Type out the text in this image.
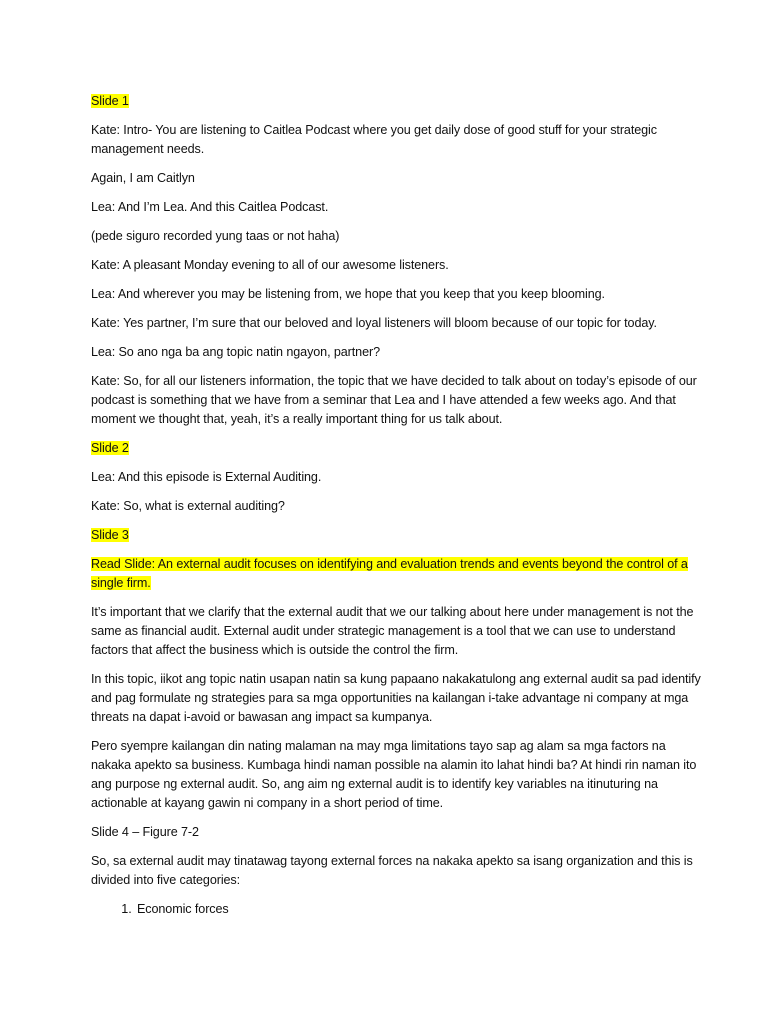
Slide 1

Kate: Intro- You are listening to Caitlea Podcast where you get daily dose of good stuff for your strategic management needs.

Again, I am Caitlyn

Lea: And I’m Lea. And this Caitlea Podcast.

(pede siguro recorded yung taas or not haha)

Kate: A pleasant Monday evening to all of our awesome listeners.

Lea: And wherever you may be listening from, we hope that you keep that you keep blooming.

Kate: Yes partner, I’m sure that our beloved and loyal listeners will bloom because of our topic for today.

Lea: So ano nga ba ang topic natin ngayon, partner?

Kate: So, for all our listeners information, the topic that we have decided to talk about on today’s episode of our podcast is something that we have from a seminar that Lea and I have attended a few weeks ago. And that moment we thought that, yeah, it’s a really important thing for us talk about.

Slide 2

Lea: And this episode is External Auditing.

Kate: So, what is external auditing?

Slide 3

Read Slide: An external audit focuses on identifying and evaluation trends and events beyond the control of a single firm.

It’s important that we clarify that the external audit that we our talking about here under management is not the same as financial audit. External audit under strategic management is a tool that we can use to understand factors that affect the business which is outside the control the firm.

In this topic, iikot ang topic natin usapan natin sa kung papaano nakakatulong ang external audit sa pad identify and pag formulate ng strategies para sa mga opportunities na kailangan i-take advantage ni company at mga threats na dapat i-avoid or bawasan ang impact sa kumpanya.

Pero syempre kailangan din nating malaman na may mga limitations tayo sap ag alam sa mga factors na nakaka apekto sa business. Kumbaga hindi naman possible na alamin ito lahat hindi ba? At hindi rin naman ito ang purpose ng external audit. So, ang aim ng external audit is to identify key variables na itinuturing na actionable at kayang gawin ni company in a short period of time.

Slide 4 – Figure 7-2

So, sa external audit may tinatawag tayong external forces na nakaka apekto sa isang organization and this is divided into five categories:

1. Economic forces
